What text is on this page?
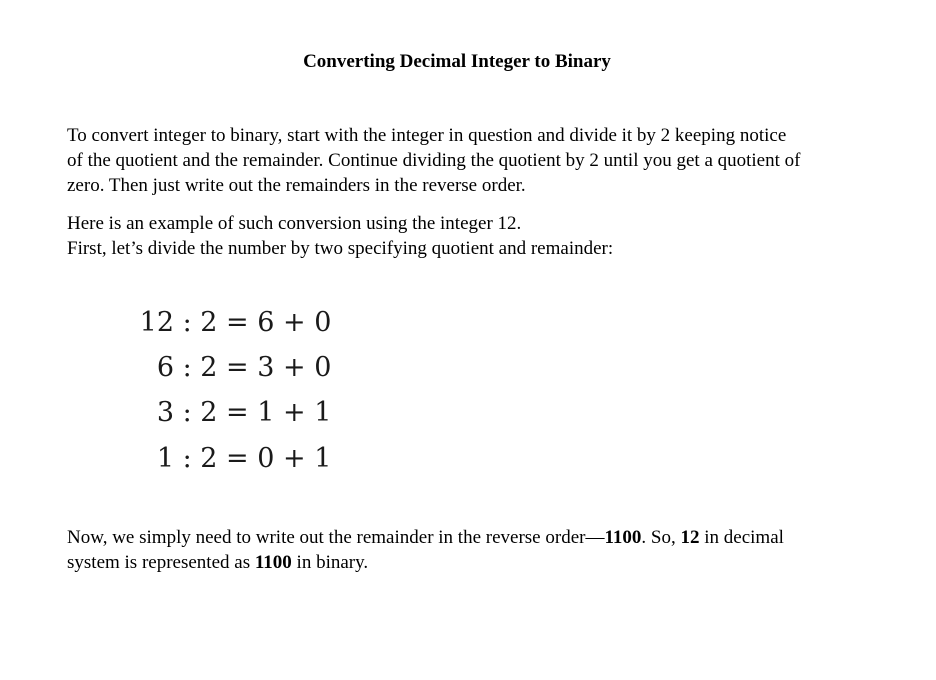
Converting Decimal Integer to Binary
To convert integer to binary, start with the integer in question and divide it by 2 keeping notice
of the quotient and the remainder. Continue dividing the quotient by 2 until you get a quotient of
zero. Then just write out the remainders in the reverse order.
Here is an example of such conversion using the integer 12.
First, let’s divide the number by two specifying quotient and remainder:
12 : 2 = 6 + 0
6 : 2 = 3 + 0
3 : 2 = 1 + 1
1 : 2 = 0 + 1
Now, we simply need to write out the remainder in the reverse order—1100. So, 12 in decimal
system is represented as 1100 in binary.
